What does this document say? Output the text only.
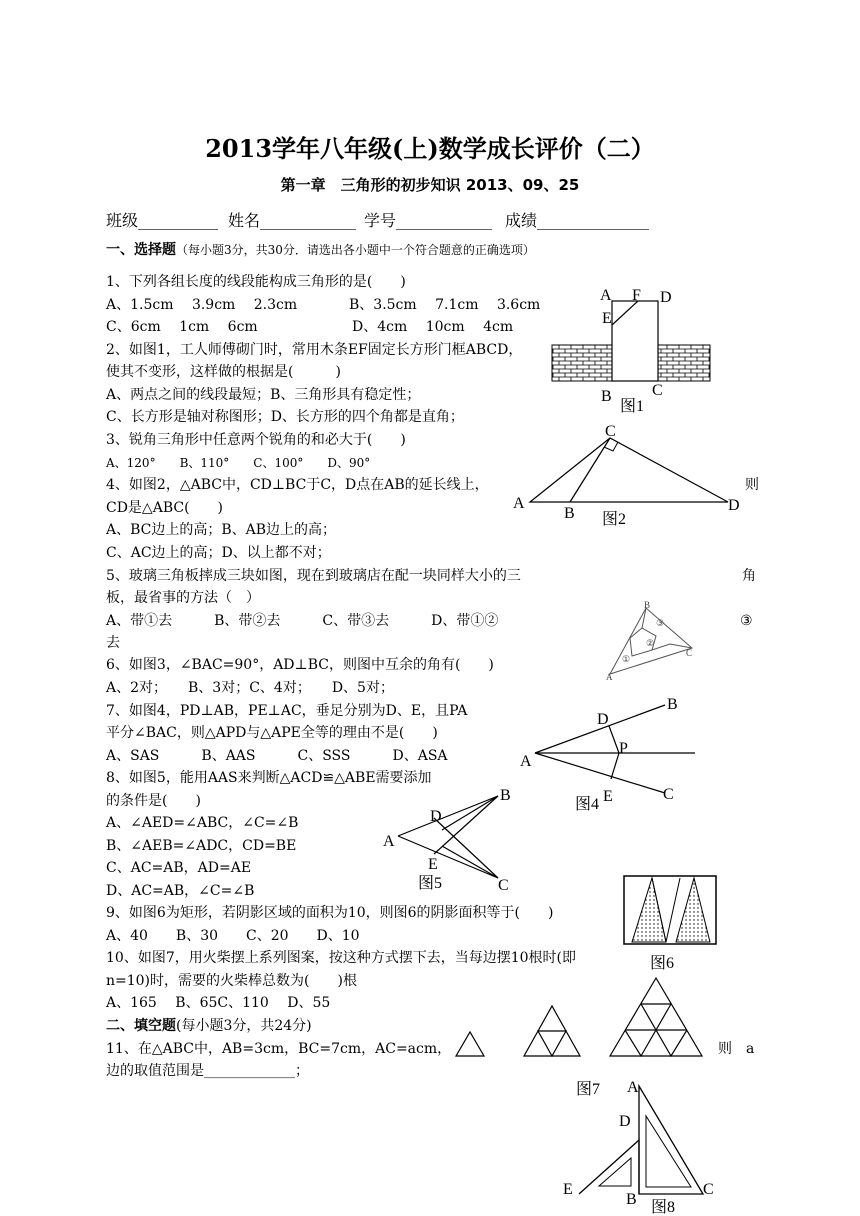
2013学年八年级(上)数学成长评价（二）
第一章　三角形的初步知识 2013、09、25
班级__________ 姓名____________ 学号____________ 成绩______________
一、选择题（每小题3分，共30分．请选出各小题中一个符合题意的正确选项）
1、下列各组长度的线段能构成三角形的是(　　)
A、1.5cm　 3.9cm　 2.3cm	B、3.5cm　 7.1cm　 3.6cm
C、6cm　 1cm　 6cm	D、4cm　 10cm　 4cm
2、如图1，工人师傅砌门时，常用木条EF固定长方形门框ABCD，
使其不变形，这样做的根据是(　　　)
A、两点之间的线段最短；B、三角形具有稳定性；
C、长方形是轴对称图形；D、长方形的四个角都是直角；
3、锐角三角形中任意两个锐角的和必大于(　　)
A、120°　　B、110°　　C、100°　　D、90°
4、如图2，△ABC中，CD⊥BC于C，D点在AB的延长线上，	则
CD是△ABC(　　)
A、BC边上的高；B、AB边上的高；
C、AC边上的高；D、以上都不对；
5、玻璃三角板摔成三块如图，现在到玻璃店在配一块同样大小的三	角
板，最省事的方法（　）
A、带①去　　　B、带②去　　　C、带③去　　　D、带①②	③
去
6、如图3，∠BAC=90°，AD⊥BC，则图中互余的角有(　　)
A、2对；　　B、3对；C、4对；　　D、5对；
7、如图4，PD⊥AB，PE⊥AC，垂足分别为D、E，且PA
平分∠BAC，则△APD与△APE全等的理由不是(　　)
A、SAS　　　B、AAS　　　C、SSS　　　D、ASA
8、如图5，能用AAS来判断△ACD≌△ABE需要添加
的条件是(　　)
A、∠AED=∠ABC，∠C=∠B
B、∠AEB=∠ADC，CD=BE
C、AC=AB，AD=AE
D、AC=AB，∠C=∠B
9、如图6为矩形，若阴影区域的面积为10，则图6的阴影面积等于(　　)
A、40　　B、30　　C、20　　D、10
10、如图7，用火柴摆上系列图案，按这种方式摆下去，当每边摆10根时(即
n=10)时，需要的火柴棒总数为(　　)根
A、165　 B、65C、110　 D、55
二、填空题(每小题3分，共24分)
11、在△ABC中，AB=3cm，BC=7cm，AC=acm，	则　a
边的取值范围是_____________；
A F D
E
B	C
图1
C
A
B	D
图2
B
C
A
①
②
③
B
D
P
A
E	C
图4
B
D
A
E
C
图5
图6
图7 A
D
E
B
C
图8
